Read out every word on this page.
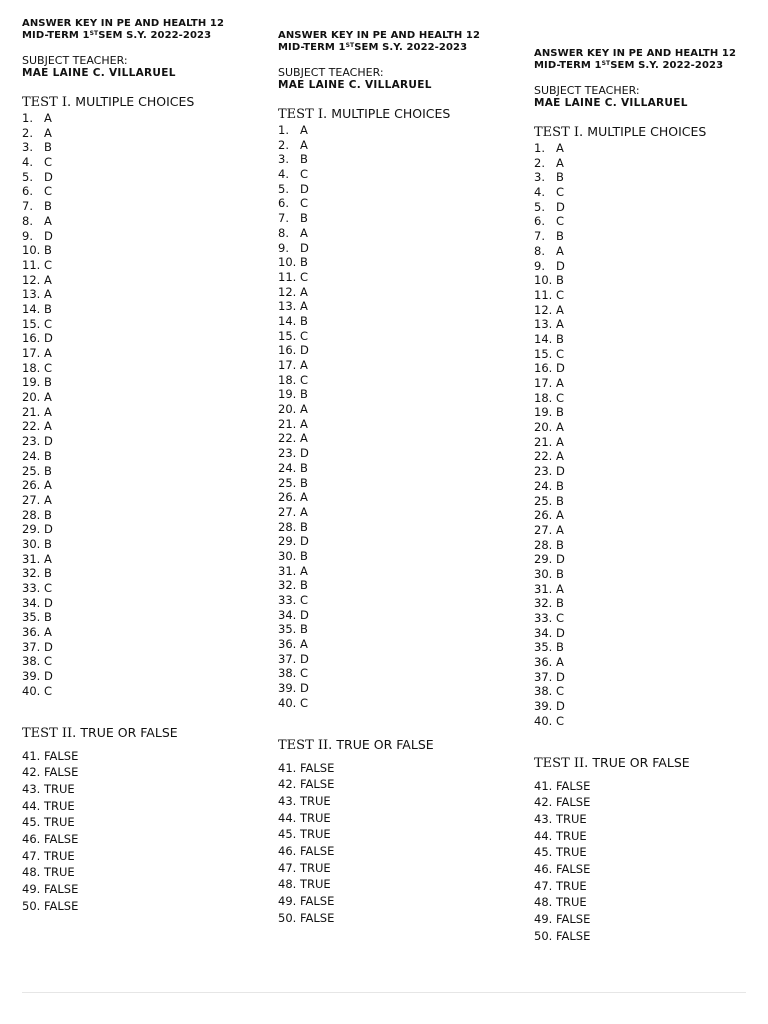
ANSWER KEY IN PE AND HEALTH 12
MID-TERM 1STSEM S.Y. 2022-2023
SUBJECT TEACHER:
MAE LAINE C. VILLARUEL
TEST I. MULTIPLE CHOICES
1. A
2. A
3. B
4. C
5. D
6. C
7. B
8. A
9. D
10. B
11. C
12. A
13. A
14. B
15. C
16. D
17. A
18. C
19. B
20. A
21. A
22. A
23. D
24. B
25. B
26. A
27. A
28. B
29. D
30. B
31. A
32. B
33. C
34. D
35. B
36. A
37. D
38. C
39. D
40. C
TEST II. TRUE OR FALSE
41. FALSE
42. FALSE
43. TRUE
44. TRUE
45. TRUE
46. FALSE
47. TRUE
48. TRUE
49. FALSE
50. FALSE
ANSWER KEY IN PE AND HEALTH 12
MID-TERM 1STSEM S.Y. 2022-2023
SUBJECT TEACHER:
MAE LAINE C. VILLARUEL
TEST I. MULTIPLE CHOICES
1. A
2. A
3. B
4. C
5. D
6. C
7. B
8. A
9. D
10. B
11. C
12. A
13. A
14. B
15. C
16. D
17. A
18. C
19. B
20. A
21. A
22. A
23. D
24. B
25. B
26. A
27. A
28. B
29. D
30. B
31. A
32. B
33. C
34. D
35. B
36. A
37. D
38. C
39. D
40. C
TEST II. TRUE OR FALSE
41. FALSE
42. FALSE
43. TRUE
44. TRUE
45. TRUE
46. FALSE
47. TRUE
48. TRUE
49. FALSE
50. FALSE
ANSWER KEY IN PE AND HEALTH 12
MID-TERM 1STSEM S.Y. 2022-2023
SUBJECT TEACHER:
MAE LAINE C. VILLARUEL
TEST I. MULTIPLE CHOICES
1. A
2. A
3. B
4. C
5. D
6. C
7. B
8. A
9. D
10. B
11. C
12. A
13. A
14. B
15. C
16. D
17. A
18. C
19. B
20. A
21. A
22. A
23. D
24. B
25. B
26. A
27. A
28. B
29. D
30. B
31. A
32. B
33. C
34. D
35. B
36. A
37. D
38. C
39. D
40. C
TEST II. TRUE OR FALSE
41. FALSE
42. FALSE
43. TRUE
44. TRUE
45. TRUE
46. FALSE
47. TRUE
48. TRUE
49. FALSE
50. FALSE
